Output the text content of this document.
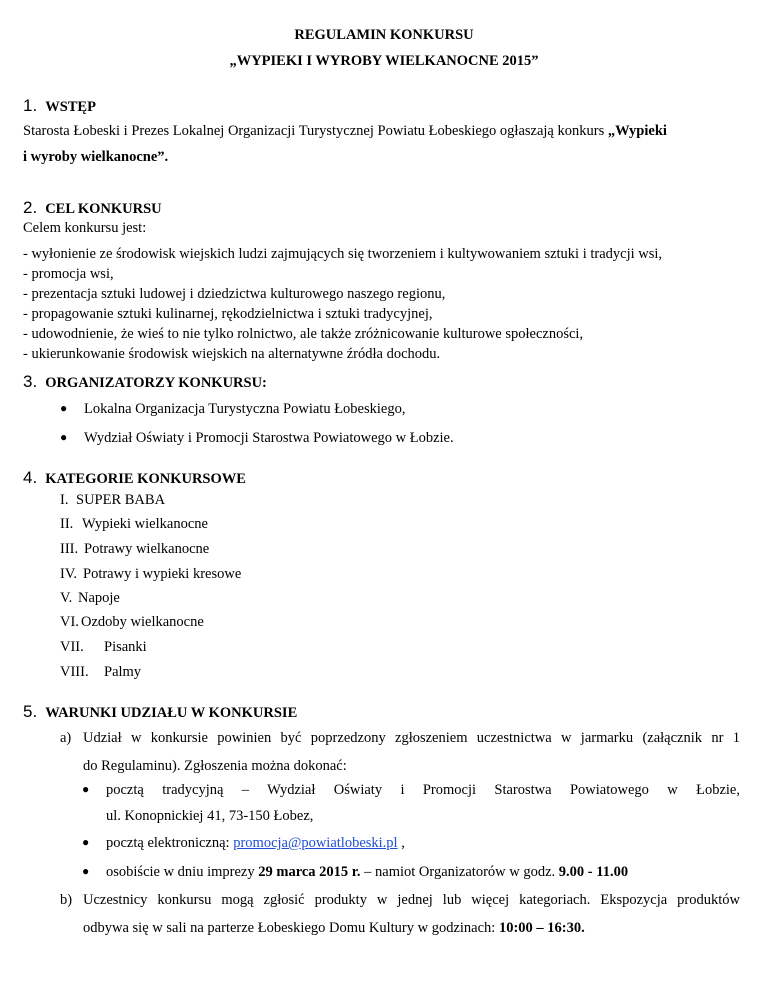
REGULAMIN KONKURSU
„WYPIEKI I WYROBY WIELKANOCNE 2015”
1. WSTĘP
Starosta Łobeski i Prezes Lokalnej Organizacji Turystycznej Powiatu Łobeskiego ogłaszają konkurs „Wypieki
i wyroby wielkanocne”.
2. CEL KONKURSU
Celem konkursu jest:
- wyłonienie ze środowisk wiejskich ludzi zajmujących się tworzeniem i kultywowaniem sztuki i tradycji wsi,
- promocja wsi,
- prezentacja sztuki ludowej i dziedzictwa kulturowego naszego regionu,
- propagowanie sztuki kulinarnej, rękodzielnictwa i sztuki tradycyjnej,
- udowodnienie, że wieś to nie tylko rolnictwo, ale także zróżnicowanie kulturowe społeczności,
- ukierunkowanie środowisk wiejskich na alternatywne źródła dochodu.
3. ORGANIZATORZY KONKURSU:
● Lokalna Organizacja Turystyczna Powiatu Łobeskiego,
● Wydział Oświaty i Promocji Starostwa Powiatowego w Łobzie.
4. KATEGORIE KONKURSOWE
I. SUPER BABA
II. Wypieki wielkanocne
III. Potrawy wielkanocne
IV. Potrawy i wypieki kresowe
V. Napoje
VI. Ozdoby wielkanocne
VII. Pisanki
VIII. Palmy
5. WARUNKI UDZIAŁU W KONKURSIE
a) Udział w konkursie powinien być poprzedzony zgłoszeniem uczestnictwa w jarmarku (załącznik nr 1
do Regulaminu). Zgłoszenia można dokonać:
● pocztą tradycyjną – Wydział Oświaty i Promocji Starostwa Powiatowego w Łobzie,
ul. Konopnickiej 41, 73-150 Łobez,
● pocztą elektroniczną: promocja@powiatlobeski.pl ,
● osobiście w dniu imprezy 29 marca 2015 r. – namiot Organizatorów w godz. 9.00 - 11.00
b) Uczestnicy konkursu mogą zgłosić produkty w jednej lub więcej kategoriach. Ekspozycja produktów
odbywa się w sali na parterze Łobeskiego Domu Kultury w godzinach: 10:00 – 16:30.
